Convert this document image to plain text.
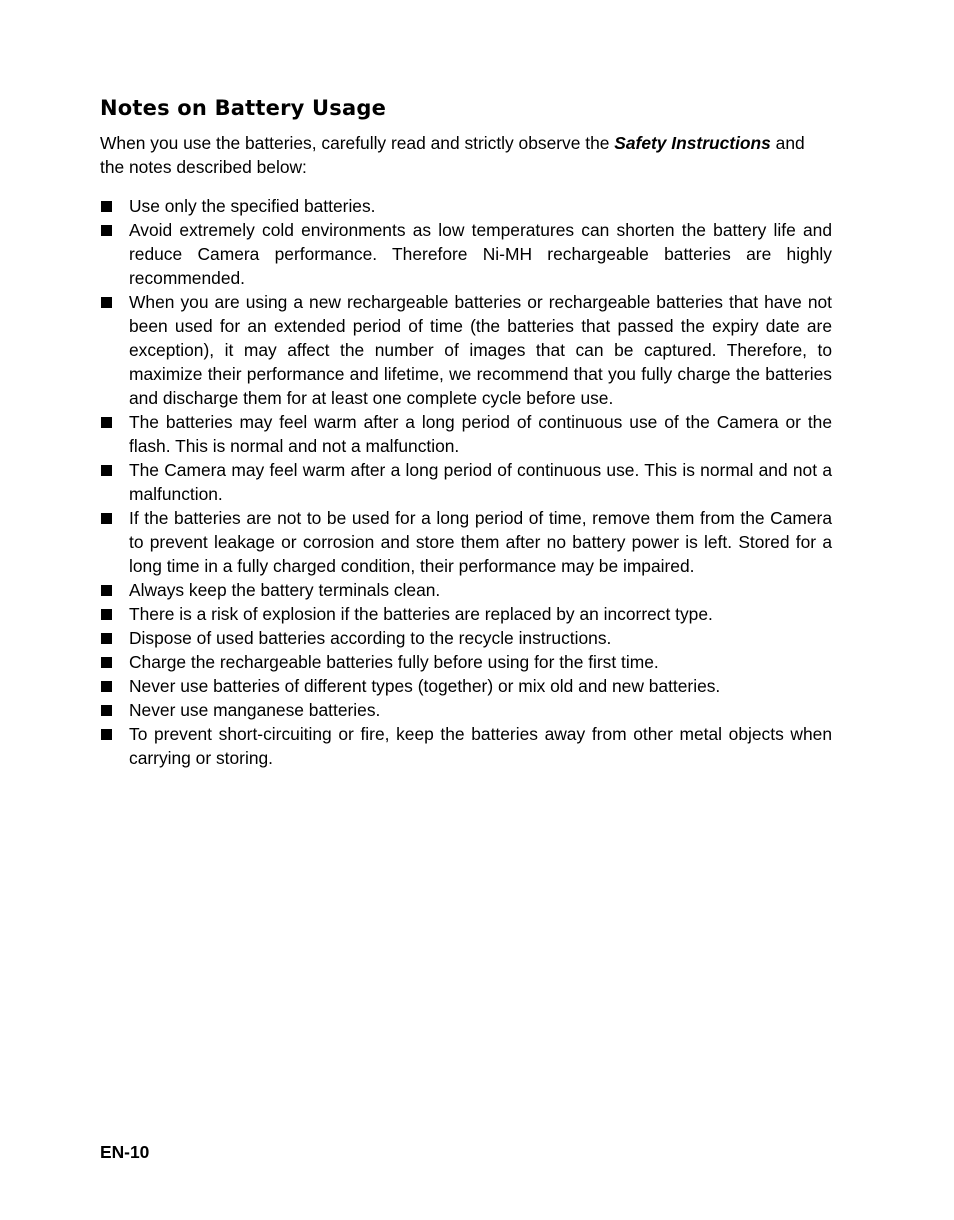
Notes on Battery Usage

When you use the batteries, carefully read and strictly observe the Safety Instructions and the notes described below:

Use only the specified batteries.
Avoid extremely cold environments as low temperatures can shorten the battery life and reduce Camera performance. Therefore Ni-MH rechargeable batteries are highly recommended.
When you are using a new rechargeable batteries or rechargeable batteries that have not been used for an extended period of time (the batteries that passed the expiry date are exception), it may affect the number of images that can be captured. Therefore, to maximize their performance and lifetime, we recommend that you fully charge the batteries and discharge them for at least one complete cycle before use.
The batteries may feel warm after a long period of continuous use of the Camera or the flash. This is normal and not a malfunction.
The Camera may feel warm after a long period of continuous use. This is normal and not a malfunction.
If the batteries are not to be used for a long period of time, remove them from the Camera to prevent leakage or corrosion and store them after no battery power is left. Stored for a long time in a fully charged condition, their performance may be impaired.
Always keep the battery terminals clean.
There is a risk of explosion if the batteries are replaced by an incorrect type.
Dispose of used batteries according to the recycle instructions.
Charge the rechargeable batteries fully before using for the first time.
Never use batteries of different types (together) or mix old and new batteries.
Never use manganese batteries.
To prevent short-circuiting or fire, keep the batteries away from other metal objects when carrying or storing.
EN-10
